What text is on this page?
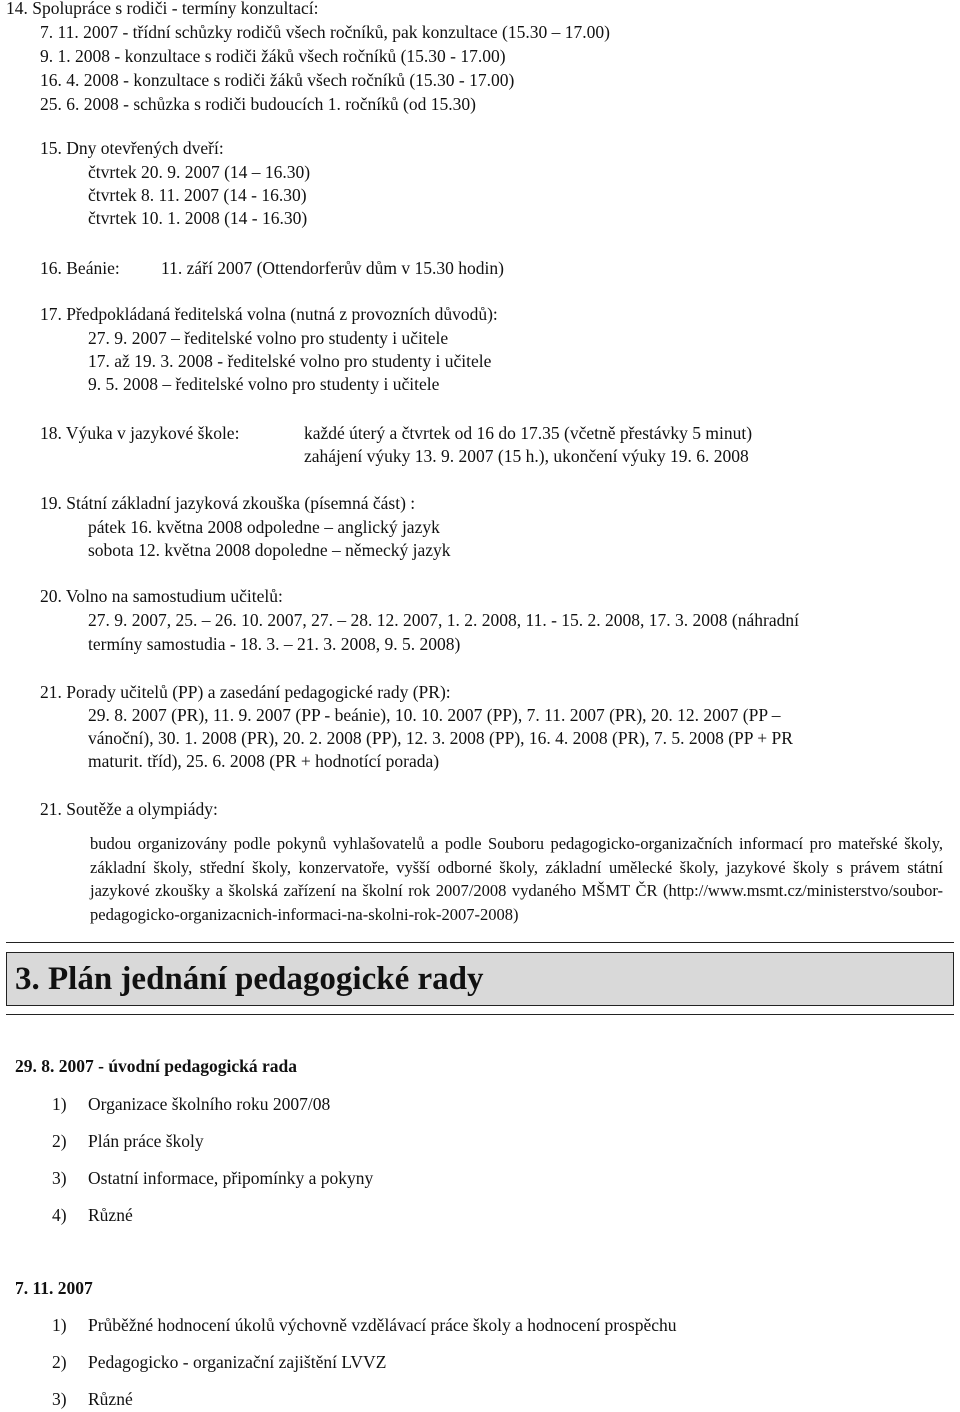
14. Spolupráce s rodiči - termíny konzultací:
7. 11. 2007 - třídní schůzky rodičů všech ročníků, pak konzultace (15.30 – 17.00)
9. 1. 2008 - konzultace s rodiči žáků všech ročníků (15.30 - 17.00)
16. 4. 2008 - konzultace s rodiči žáků všech ročníků (15.30 - 17.00)
25. 6. 2008 - schůzka s rodiči budoucích 1. ročníků (od 15.30)
15. Dny otevřených dveří:
čtvrtek 20. 9. 2007 (14 – 16.30)
čtvrtek 8. 11. 2007 (14 - 16.30)
čtvrtek 10. 1. 2008 (14 - 16.30)
16. Beánie: 11. září 2007 (Ottendorferův dům v 15.30 hodin)
17. Předpokládaná ředitelská volna (nutná z provozních důvodů):
27. 9. 2007 – ředitelské volno pro studenty i učitele
17. až 19. 3. 2008 - ředitelské volno pro studenty i učitele
9. 5. 2008 – ředitelské volno pro studenty i učitele
18. Výuka v jazykové škole:	každé úterý a čtvrtek od 16 do 17.35 (včetně přestávky 5 minut)
zahájení výuky 13. 9. 2007 (15 h.), ukončení výuky 19. 6. 2008
19. Státní základní jazyková zkouška (písemná část) :
pátek 16. května 2008 odpoledne – anglický jazyk
sobota 12. května 2008 dopoledne – německý jazyk
20. Volno na samostudium učitelů:
27. 9. 2007, 25. – 26. 10. 2007, 27. – 28. 12. 2007, 1. 2. 2008, 11. - 15. 2. 2008, 17. 3. 2008 (náhradní
termíny samostudia - 18. 3. – 21. 3. 2008, 9. 5. 2008)
21. Porady učitelů (PP) a zasedání pedagogické rady (PR):
29. 8. 2007 (PR), 11. 9. 2007 (PP - beánie), 10. 10. 2007 (PP), 7. 11. 2007 (PR), 20. 12. 2007 (PP –
vánoční), 30. 1. 2008 (PR), 20. 2. 2008 (PP), 12. 3. 2008 (PP), 16. 4. 2008 (PR), 7. 5. 2008 (PP + PR
maturit. tříd), 25. 6. 2008 (PR + hodnotící porada)
21. Soutěže a olympiády:
budou organizovány podle pokynů vyhlašovatelů a podle Souboru pedagogicko-organizačních informací pro mateřské školy, základní školy, střední školy, konzervatoře, vyšší odborné školy, základní umělecké školy, jazykové školy s právem státní jazykové zkoušky a školská zařízení na školní rok 2007/2008 vydaného MŠMT ČR (http://www.msmt.cz/ministerstvo/soubor-pedagogicko-organizacnich-informaci-na-skolni-rok-2007-2008)
3. Plán jednání pedagogické rady
29. 8. 2007 - úvodní pedagogická rada
1) Organizace školního roku 2007/08
2) Plán práce školy
3) Ostatní informace, připomínky a pokyny
4) Různé
7. 11. 2007
1) Průběžné hodnocení úkolů výchovně vzdělávací práce školy a hodnocení prospěchu
2) Pedagogicko - organizační zajištění LVVZ
3) Různé
